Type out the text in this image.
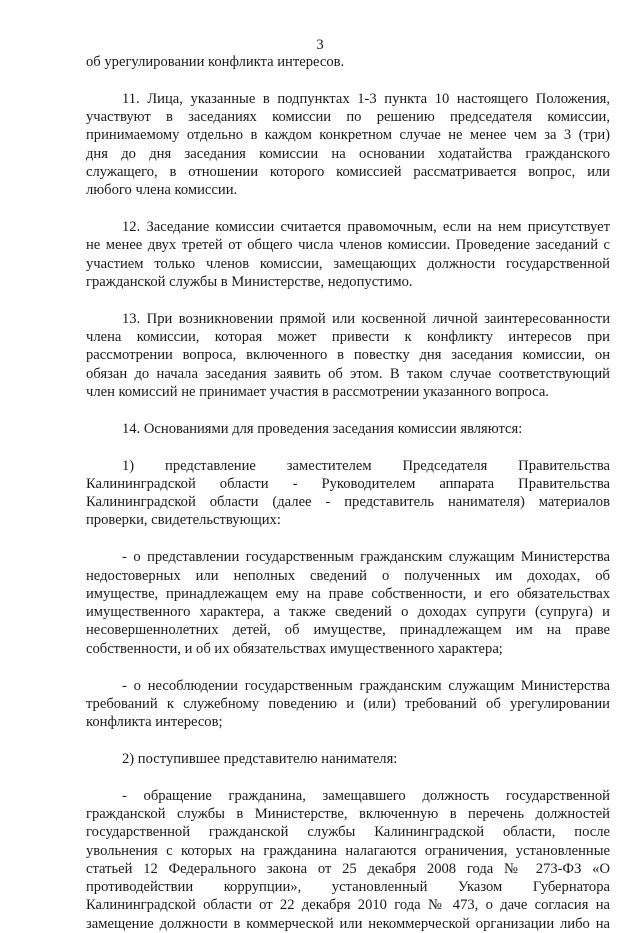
3
об урегулировании конфликта интересов.
11. Лица, указанные в подпунктах 1-3 пункта 10 настоящего Положения,
участвуют в заседаниях комиссии по решению председателя комиссии,
принимаемому отдельно в каждом конкретном случае не менее чем за 3 (три)
дня до дня заседания комиссии на основании ходатайства гражданского
служащего, в отношении которого комиссией рассматривается вопрос, или
любого члена комиссии.
12. Заседание комиссии считается правомочным, если на нем присутствует
не менее двух третей от общего числа членов комиссии. Проведение заседаний с
участием только членов комиссии, замещающих должности государственной
гражданской службы в Министерстве, недопустимо.
13. При возникновении прямой или косвенной личной заинтересованности
члена комиссии, которая может привести к конфликту интересов при
рассмотрении вопроса, включенного в повестку дня заседания комиссии, он
обязан до начала заседания заявить об этом. В таком случае соответствующий
член комиссий не принимает участия в рассмотрении указанного вопроса.
14. Основаниями для проведения заседания комиссии являются:
1) представление заместителем Председателя Правительства
Калининградской области - Руководителем аппарата Правительства
Калининградской области (далее - представитель нанимателя) материалов
проверки, свидетельствующих:
- о представлении государственным гражданским служащим Министерства
недостоверных или неполных сведений о полученных им доходах, об
имуществе, принадлежащем ему на праве собственности, и его обязательствах
имущественного характера, а также сведений о доходах супруги (супруга) и
несовершеннолетних детей, об имуществе, принадлежащем им на праве
собственности, и об их обязательствах имущественного характера;
- о несоблюдении государственным гражданским служащим Министерства
требований к служебному поведению и (или) требований об урегулировании
конфликта интересов;
2) поступившее представителю нанимателя:
- обращение гражданина, замещавшего должность государственной
гражданской службы в Министерстве, включенную в перечень должностей
государственной гражданской службы Калининградской области, после
увольнения с которых на гражданина налагаются ограничения, установленные
статьей 12 Федерального закона от 25 декабря 2008 года № 273-ФЗ «О
противодействии коррупции», установленный Указом Губернатора
Калининградской области от 22 декабря 2010 года № 473, о даче согласия на
замещение должности в коммерческой или некоммерческой организации либо на
